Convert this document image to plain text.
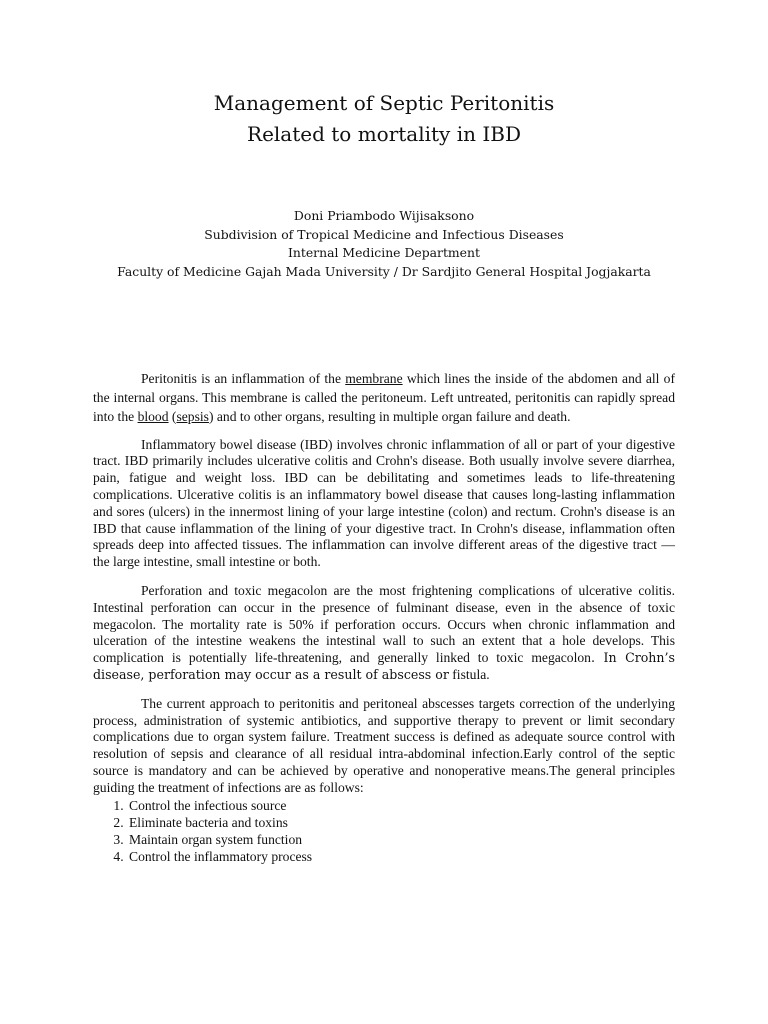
Management of Septic Peritonitis
Related to mortality in IBD
Doni Priambodo Wijisaksono
Subdivision of Tropical Medicine and Infectious Diseases
Internal Medicine Department
Faculty of Medicine Gajah Mada University / Dr Sardjito General Hospital Jogjakarta

Peritonitis is an inflammation of the membrane which lines the inside of the abdomen and all of the internal organs. This membrane is called the peritoneum. Left untreated, peritonitis can rapidly spread into the blood (sepsis) and to other organs, resulting in multiple organ failure and death.

Inflammatory bowel disease (IBD) involves chronic inflammation of all or part of your digestive tract. IBD primarily includes ulcerative colitis and Crohn's disease. Both usually involve severe diarrhea, pain, fatigue and weight loss. IBD can be debilitating and sometimes leads to life-threatening complications. Ulcerative colitis is an inflammatory bowel disease that causes long-lasting inflammation and sores (ulcers) in the innermost lining of your large intestine (colon) and rectum. Crohn's disease is an IBD that cause inflammation of the lining of your digestive tract. In Crohn's disease, inflammation often spreads deep into affected tissues. The inflammation can involve different areas of the digestive tract — the large intestine, small intestine or both.

Perforation and toxic megacolon are the most frightening complications of ulcerative colitis. Intestinal perforation can occur in the presence of fulminant disease, even in the absence of toxic megacolon. The mortality rate is 50% if perforation occurs. Occurs when chronic inflammation and ulceration of the intestine weakens the intestinal wall to such an extent that a hole develops. This complication is potentially life-threatening, and generally linked to toxic megacolon. In Crohn’s disease, perforation may occur as a result of abscess or fistula.

The current approach to peritonitis and peritoneal abscesses targets correction of the underlying process, administration of systemic antibiotics, and supportive therapy to prevent or limit secondary complications due to organ system failure. Treatment success is defined as adequate source control with resolution of sepsis and clearance of all residual intra-abdominal infection.Early control of the septic source is mandatory and can be achieved by operative and nonoperative means.The general principles guiding the treatment of infections are as follows:

1. Control the infectious source
2. Eliminate bacteria and toxins
3. Maintain organ system function
4. Control the inflammatory process
